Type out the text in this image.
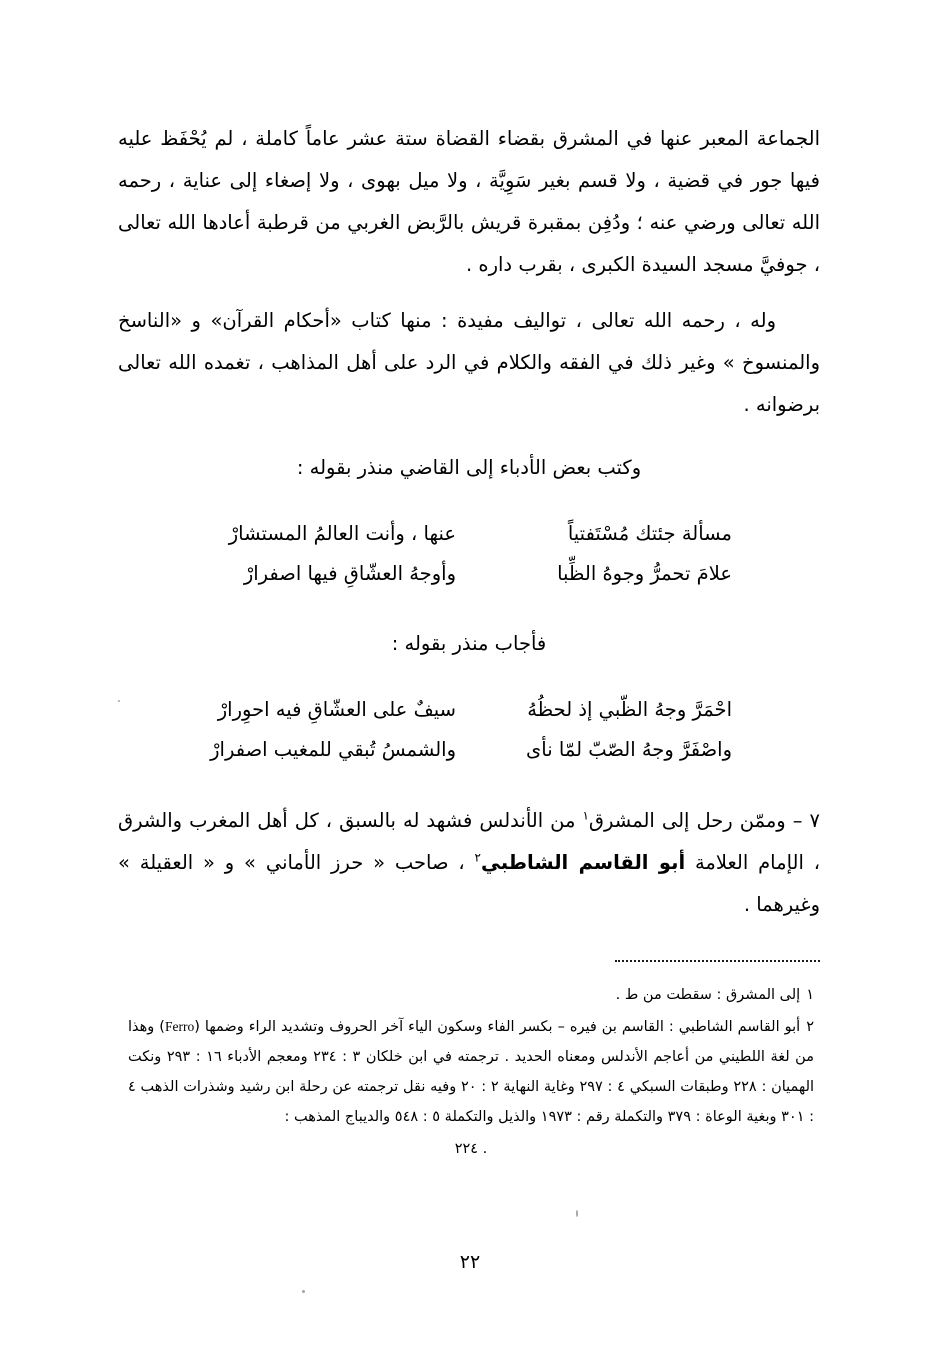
الجماعة المعبر عنها في المشرق بقضاء القضاة ستة عشر عاماً كاملة ، لم يُحْفَظ عليه فيها جور في قضية ، ولا قسم بغير سَوِيَّة ، ولا ميل بهوى ، ولا إصغاء إلى عناية ، رحمه الله تعالى ورضي عنه ؛ ودُفِن بمقبرة قريش بالرَّبض الغربي من قرطبة أعادها الله تعالى ، جوفيَّ مسجد السيدة الكبرى ، بقرب داره .

وله ، رحمه الله تعالى ، تواليف مفيدة : منها كتاب «أحكام القرآن» و «الناسخ والمنسوخ » وغير ذلك في الفقه والكلام في الرد على أهل المذاهب ، تغمده الله تعالى برضوانه .

وكتب بعض الأدباء إلى القاضي منذر بقوله :

مسألة جئتك مُسْتَفتياً
عنها ، وأنت العالمُ المستشارْ
علامَ تحمرُّ وجوهُ الظِّبا
وأوجهُ العشّاقِ فيها اصفرارْ

فأجاب منذر بقوله :

احْمَرَّ وجهُ الظّبي إذ لحظُهُ
سيفٌ على العشّاقِ فيه احوِرارْ
واصْفَرَّ وجهُ الصّبّ لمّا نأى
والشمسُ تُبقي للمغيب اصفرارْ

٧ – وممّن رحل إلى المشرق$^١$ من الأندلس فشهد له بالسبق ، كل أهل المغرب والشرق ، الإمام العلامة أبو القاسم الشاطبي$^٢$ ، صاحب « حرز الأماني » و « العقيلة » وغيرهما .

١إلى المشرق : سقطت من ط .

٢أبو القاسم الشاطبي : القاسم بن فيره – بكسر الفاء وسكون الياء آخر الحروف وتشديد الراء وضمها (Ferro) وهذا من لغة اللطيني من أعاجم الأندلس ومعناه الحديد . ترجمته في ابن خلكان ٣ : ٢٣٤ ومعجم الأدباء ١٦ : ٢٩٣ ونكت الهميان : ٢٢٨ وطبقات السبكي ٤ : ٢٩٧ وغاية النهاية ٢ : ٢٠ وفيه نقل ترجمته عن رحلة ابن رشيد وشذرات الذهب ٤ : ٣٠١ وبغية الوعاة : ٣٧٩ والتكملة رقم : ١٩٧٣ والذيل والتكملة ٥ : ٥٤٨ والديباج المذهب :

. ٢٢٤

٢٢
